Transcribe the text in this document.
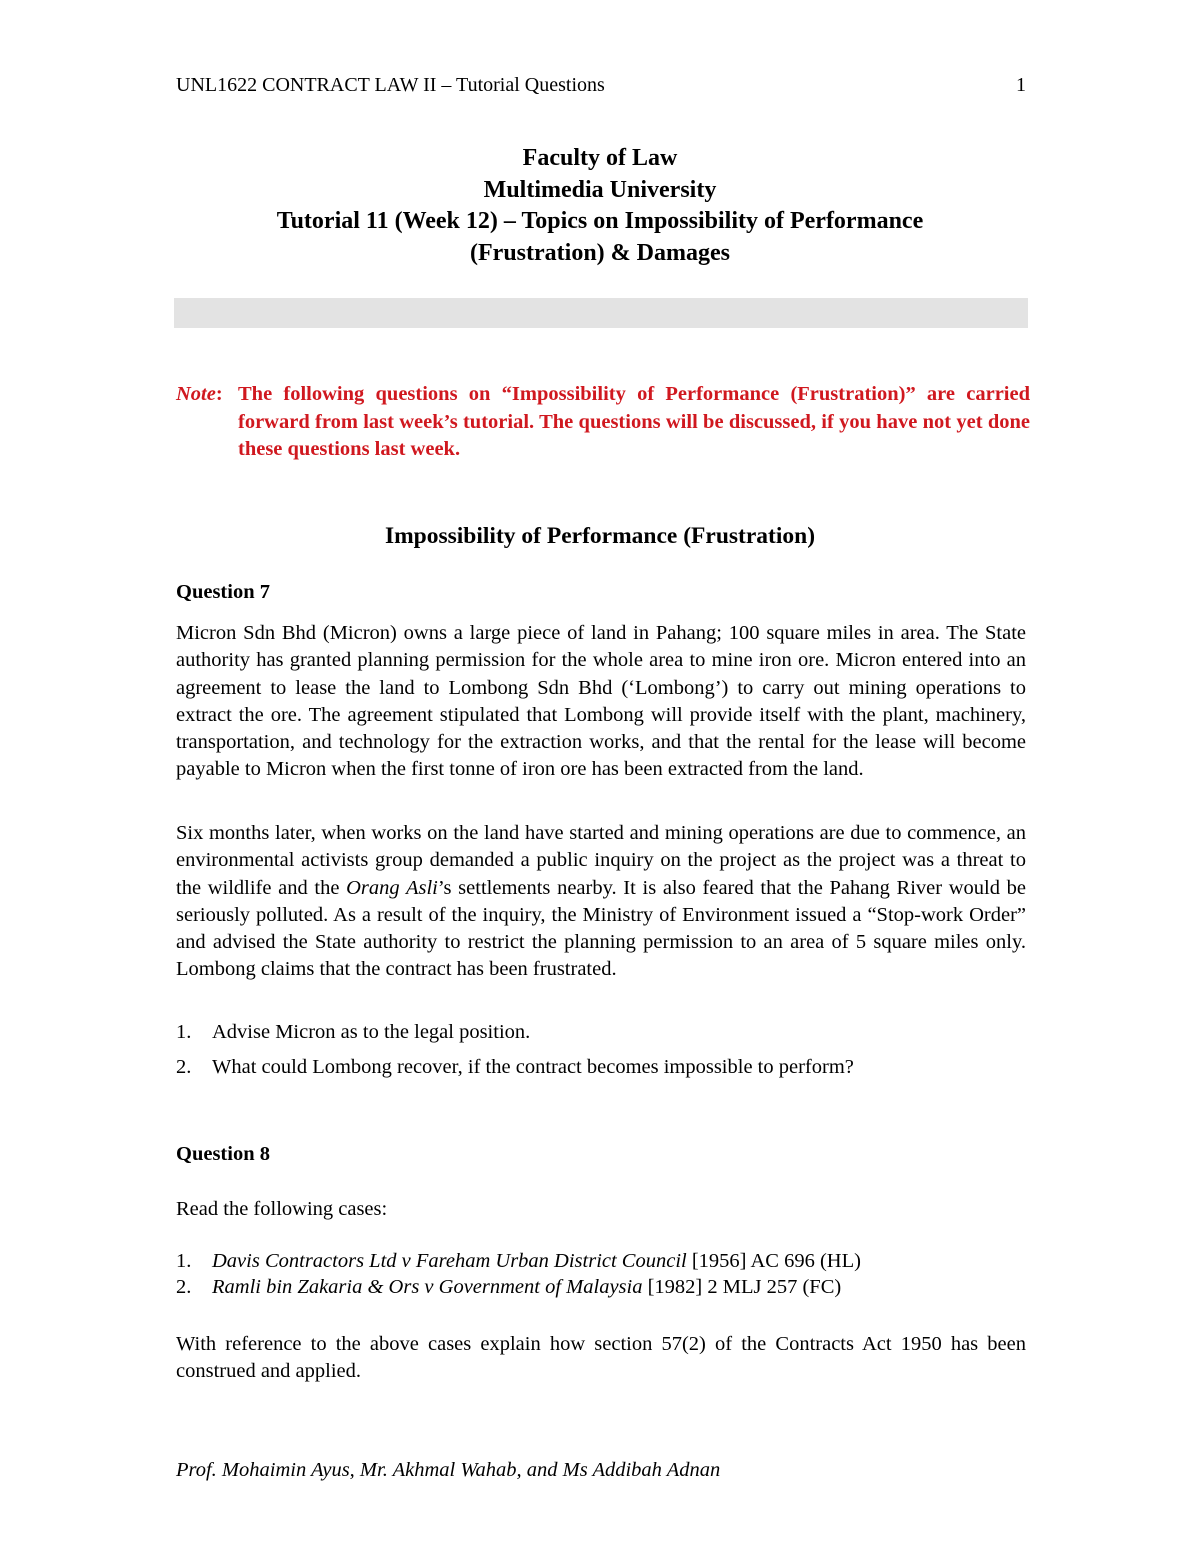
UNL1622 CONTRACT LAW II – Tutorial Questions	1
Faculty of Law
Multimedia University
Tutorial 11 (Week 12) – Topics on Impossibility of Performance
(Frustration) & Damages
Note: The following questions on “Impossibility of Performance (Frustration)” are carried forward from last week’s tutorial. The questions will be discussed, if you have not yet done these questions last week.
Impossibility of Performance (Frustration)
Question 7
Micron Sdn Bhd (Micron) owns a large piece of land in Pahang; 100 square miles in area. The State authority has granted planning permission for the whole area to mine iron ore. Micron entered into an agreement to lease the land to Lombong Sdn Bhd (‘Lombong’) to carry out mining operations to extract the ore. The agreement stipulated that Lombong will provide itself with the plant, machinery, transportation, and technology for the extraction works, and that the rental for the lease will become payable to Micron when the first tonne of iron ore has been extracted from the land.
Six months later, when works on the land have started and mining operations are due to commence, an environmental activists group demanded a public inquiry on the project as the project was a threat to the wildlife and the Orang Asli’s settlements nearby. It is also feared that the Pahang River would be seriously polluted. As a result of the inquiry, the Ministry of Environment issued a “Stop-work Order” and advised the State authority to restrict the planning permission to an area of 5 square miles only. Lombong claims that the contract has been frustrated.
1. Advise Micron as to the legal position.
2. What could Lombong recover, if the contract becomes impossible to perform?
Question 8
Read the following cases:
1. Davis Contractors Ltd v Fareham Urban District Council [1956] AC 696 (HL)
2. Ramli bin Zakaria & Ors v Government of Malaysia [1982] 2 MLJ 257 (FC)
With reference to the above cases explain how section 57(2) of the Contracts Act 1950 has been construed and applied.
Prof. Mohaimin Ayus, Mr. Akhmal Wahab, and Ms Addibah Adnan
